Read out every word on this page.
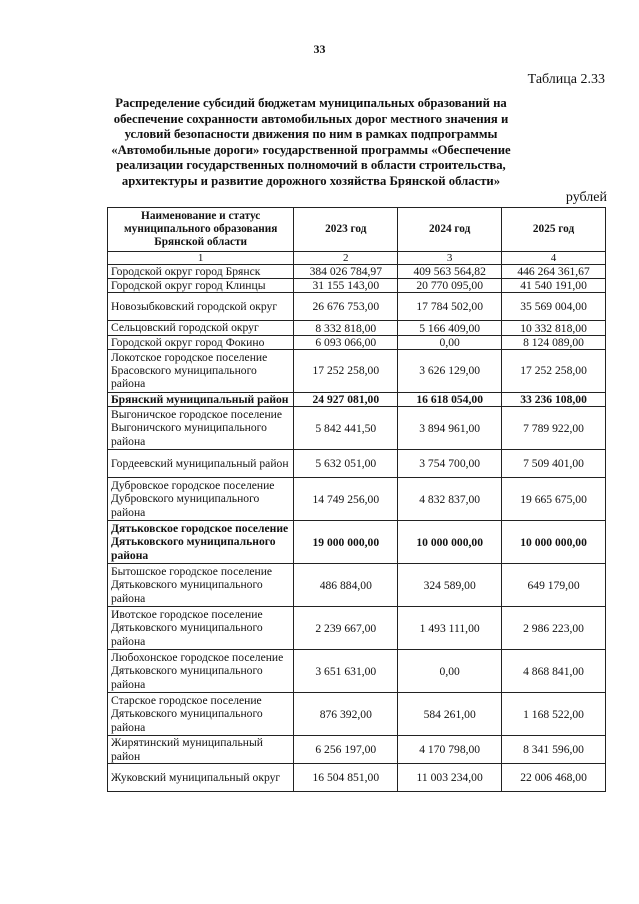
33
Таблица 2.33
Распределение субсидий бюджетам муниципальных образований на обеспечение сохранности автомобильных дорог местного значения и условий безопасности движения по ним в рамках подпрограммы «Автомобильные дороги» государственной программы «Обеспечение реализации государственных полномочий в области строительства, архитектуры и развитие дорожного хозяйства Брянской области»
рублей
Наименование и статус муниципального образования Брянской области	2023 год	2024 год	2025 год
1	2	3	4
Городской округ город Брянск	384 026 784,97	409 563 564,82	446 264 361,67
Городской округ город Клинцы	31 155 143,00	20 770 095,00	41 540 191,00
Новозыбковский городской округ	26 676 753,00	17 784 502,00	35 569 004,00
Сельцовский городской округ	8 332 818,00	5 166 409,00	10 332 818,00
Городской округ город Фокино	6 093 066,00	0,00	8 124 089,00
Локотское городское поселение Брасовского муниципального района	17 252 258,00	3 626 129,00	17 252 258,00
Брянский муниципальный район	24 927 081,00	16 618 054,00	33 236 108,00
Выгоничское городское поселение Выгоничского муниципального района	5 842 441,50	3 894 961,00	7 789 922,00
Гордеевский муниципальный район	5 632 051,00	3 754 700,00	7 509 401,00
Дубровское городское поселение Дубровского муниципального района	14 749 256,00	4 832 837,00	19 665 675,00
Дятьковское городское поселение Дятьковского муниципального района	19 000 000,00	10 000 000,00	10 000 000,00
Бытошское городское поселение Дятьковского муниципального района	486 884,00	324 589,00	649 179,00
Ивотское городское поселение Дятьковского муниципального района	2 239 667,00	1 493 111,00	2 986 223,00
Любохонское городское поселение Дятьковского муниципального района	3 651 631,00	0,00	4 868 841,00
Старское городское поселение Дятьковского муниципального района	876 392,00	584 261,00	1 168 522,00
Жирятинский муниципальный район	6 256 197,00	4 170 798,00	8 341 596,00
Жуковский муниципальный округ	16 504 851,00	11 003 234,00	22 006 468,00
